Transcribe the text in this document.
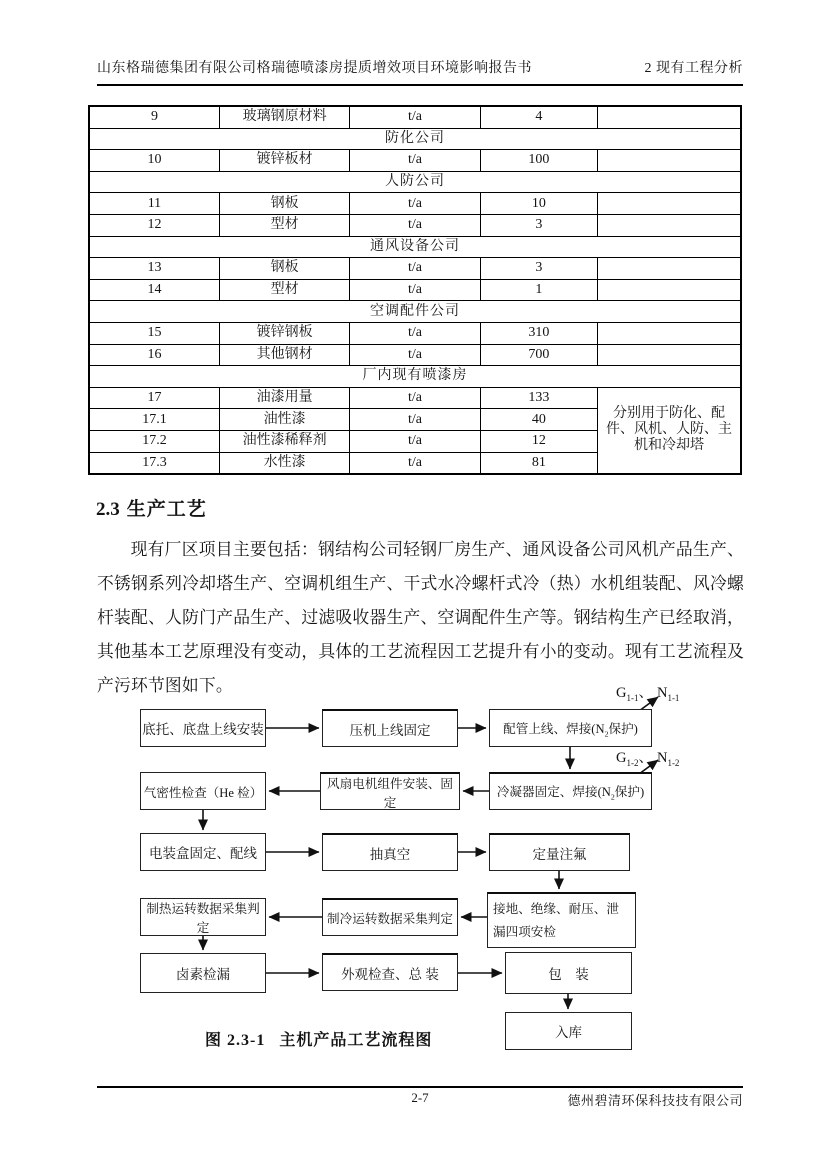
山东格瑞德集团有限公司格瑞德喷漆房提质增效项目环境影响报告书	2 现有工程分析
9	玻璃钢原材料	t/a	4	
防化公司				
10	镀锌板材	t/a	100	
人防公司				
11	钢板	t/a	10	
12	型材	t/a	3	
通风设备公司				
13	钢板	t/a	3	
14	型材	t/a	1	
空调配件公司				
15	镀锌钢板	t/a	310	
16	其他钢材	t/a	700	
厂内现有喷漆房				
17	油漆用量	t/a	133	分别用于防化、配件、风机、人防、主机和冷却塔
17.1	油性漆	t/a	40	
17.2	油性漆稀释剂	t/a	12	
17.3	水性漆	t/a	81	
2.3 生产工艺
现有厂区项目主要包括：钢结构公司轻钢厂房生产、通风设备公司风机产品生产、不锈钢系列冷却塔生产、空调机组生产、干式水冷螺杆式冷（热）水机组装配、风冷螺杆装配、人防门产品生产、过滤吸收器生产、空调配件生产等。钢结构生产已经取消，其他基本工艺原理没有变动，具体的工艺流程因工艺提升有小的变动。现有工艺流程及产污环节图如下。
底托、底盘上线安装	压机上线固定	配管上线、焊接($N_2$保护)
冷凝器固定、焊接($N_2$保护)
风扇电机组件安装、固定
气密性检查（He 检）
电装盒固定、配线	抽真空	定量注氟
接地、绝缘、耐压、泄漏四项安检
制冷运转数据采集判定
制热运转数据采集判定
卤素检漏	外观检查、总 装	包　装
入库
$G_{1-1}$、 $N_{1-1}$
$G_{1-2}$、 $N_{1-2}$
图 2.3-1 主机产品工艺流程图
2-7	德州碧清环保科技技有限公司
